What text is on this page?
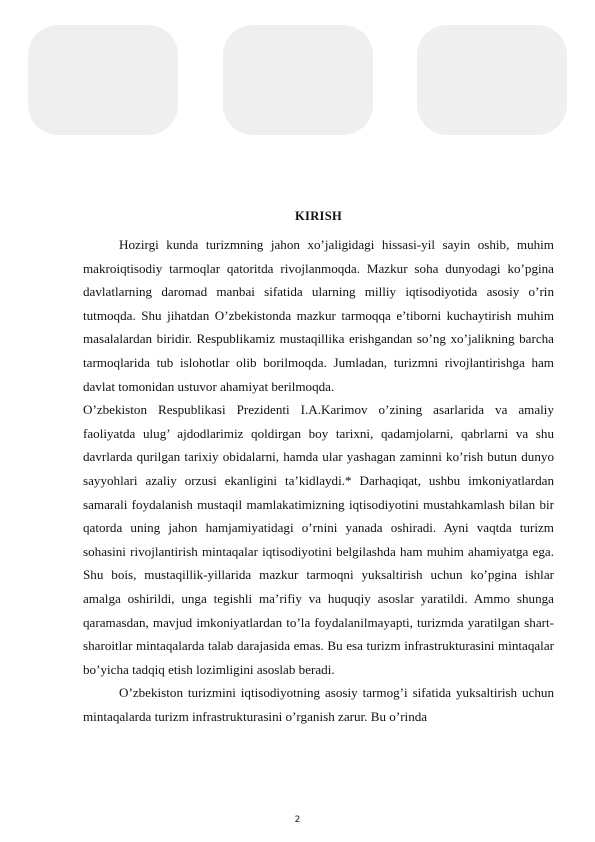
KIRISH

Hozirgi kunda turizmning jahon xo’jaligidagi hissasi-yil sayin oshib, muhim makroiqtisodiy tarmoqlar qatoritda rivojlanmoqda. Mazkur soha dunyodagi ko’pgina davlatlarning daromad manbai sifatida ularning milliy iqtisodiyotida asosiy o’rin tutmoqda. Shu jihatdan O’zbekistonda mazkur tarmoqqa e’tiborni kuchaytirish muhim masalalardan biridir. Respublikamiz mustaqillika erishgandan so’ng xo’jalikning barcha tarmoqlarida tub islohotlar olib borilmoqda. Jumladan, turizmni rivojlantirishga ham davlat tomonidan ustuvor ahamiyat berilmoqda.

O’zbekiston Respublikasi Prezidenti I.A.Karimov o’zining asarlarida va amaliy faoliyatda ulug’ ajdodlarimiz qoldirgan boy tarixni, qadamjolarni, qabrlarni va shu davrlarda qurilgan tarixiy obidalarni, hamda ular yashagan zaminni ko’rish butun dunyo sayyohlari azaliy orzusi ekanligini ta’kidlaydi.* Darhaqiqat, ushbu imkoniyatlardan samarali foydalanish mustaqil mamlakatimizning iqtisodiyotini mustahkamlash bilan bir qatorda uning jahon hamjamiyatidagi o’rnini yanada oshiradi. Ayni vaqtda turizm sohasini rivojlantirish mintaqalar iqtisodiyotini belgilashda ham muhim ahamiyatga ega. Shu bois, mustaqillik-yillarida mazkur tarmoqni yuksaltirish uchun ko’pgina ishlar amalga oshirildi, unga tegishli ma’rifiy va huquqiy asoslar yaratildi. Ammo shunga qaramasdan, mavjud imkoniyatlardan to’la foydalanilmayapti, turizmda yaratilgan shart-sharoitlar mintaqalarda talab darajasida emas. Bu esa turizm infrastrukturasini mintaqalar bo’yicha tadqiq etish lozimligini asoslab beradi.

O’zbekiston turizmini iqtisodiyotning asosiy tarmog’i sifatida yuksaltirish uchun mintaqalarda turizm infrastrukturasini o’rganish zarur. Bu o’rinda

2
